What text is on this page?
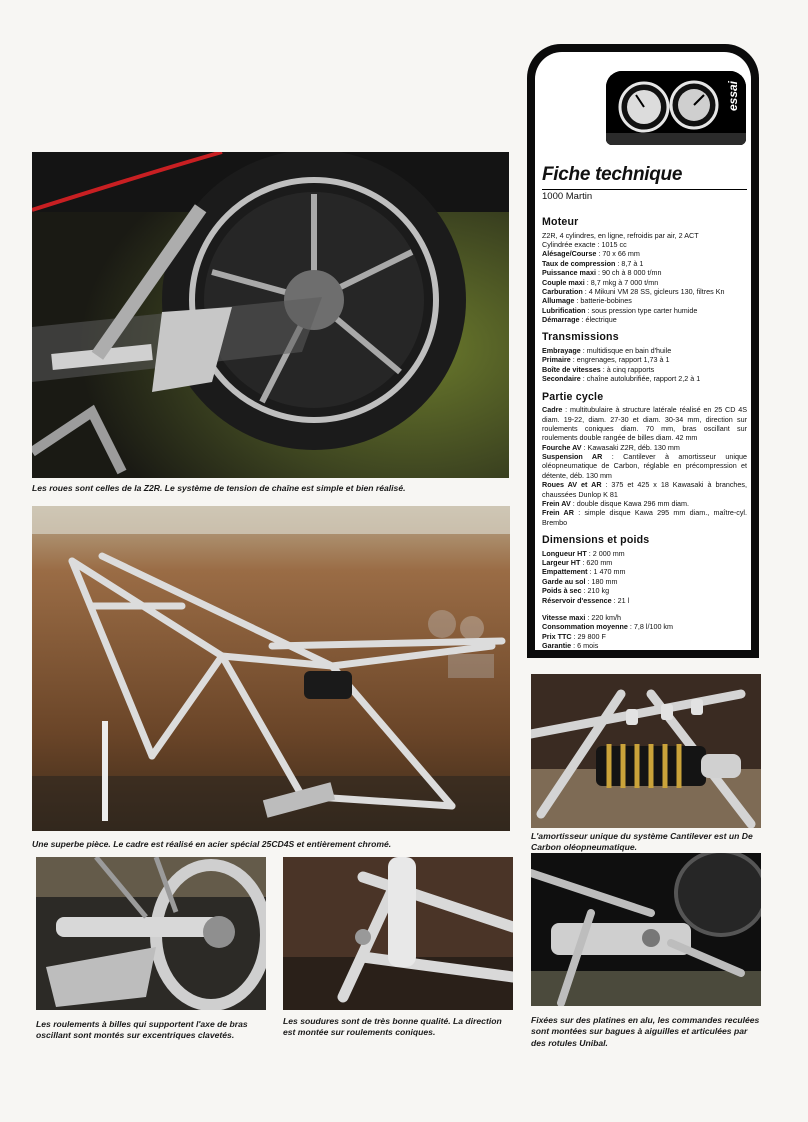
Les roues sont celles de la Z2R. Le système de tension de chaîne est simple et bien réalisé.
Une superbe pièce. Le cadre est réalisé en acier spécial 25CD4S et entièrement chromé.
Les roulements à billes qui supportent l'axe de bras oscillant sont montés sur excentriques clavetés.
Les soudures sont de très bonne qualité. La direction est montée sur roulements coniques.
L'amortisseur unique du système Cantilever est un De Carbon oléopneumatique.
Fixées sur des platines en alu, les commandes reculées sont montées sur bagues à aiguilles et articulées par des rotules Unibal.
essai
Fiche technique
1000 Martin
Moteur
Z2R, 4 cylindres, en ligne, refroidis par air, 2 ACT
Cylindrée exacte : 1015 cc
Alésage/Course : 70 x 66 mm
Taux de compression : 8,7 à 1
Puissance maxi : 90 ch à 8 000 t/mn
Couple maxi : 8,7 mkg à 7 000 t/mn
Carburation : 4 Mikuni VM 28 SS, gicleurs 130, filtres Kn
Allumage : batterie-bobines
Lubrification : sous pression type carter humide
Démarrage : électrique
Transmissions
Embrayage : multidisque en bain d'huile
Primaire : engrenages, rapport 1,73 à 1
Boîte de vitesses : à cinq rapports
Secondaire : chaîne autolubrifiée, rapport 2,2 à 1
Partie cycle
Cadre : multitubulaire à structure latérale réalisé en 25 CD 4S diam. 19-22, diam. 27-30 et diam. 30-34 mm, direction sur roulements coniques diam. 70 mm, bras oscillant sur roulements double rangée de billes diam. 42 mm
Fourche AV : Kawasaki Z2R, déb. 130 mm
Suspension AR : Cantilever à amortisseur unique oléopneumatique de Carbon, réglable en précompression et détente, déb. 130 mm
Roues AV et AR : 375 et 425 x 18 Kawasaki à branches, chaussées Dunlop K 81
Frein AV : double disque Kawa 296 mm diam.
Frein AR : simple disque Kawa 295 mm diam., maître-cyl. Brembo
Dimensions et poids
Longueur HT : 2 000 mm
Largeur HT : 620 mm
Empattement : 1 470 mm
Garde au sol : 180 mm
Poids à sec : 210 kg
Réservoir d'essence : 21 l
Vitesse maxi : 220 km/h
Consommation moyenne : 7,8 l/100 km
Prix TTC : 29 800 F
Garantie : 6 mois
